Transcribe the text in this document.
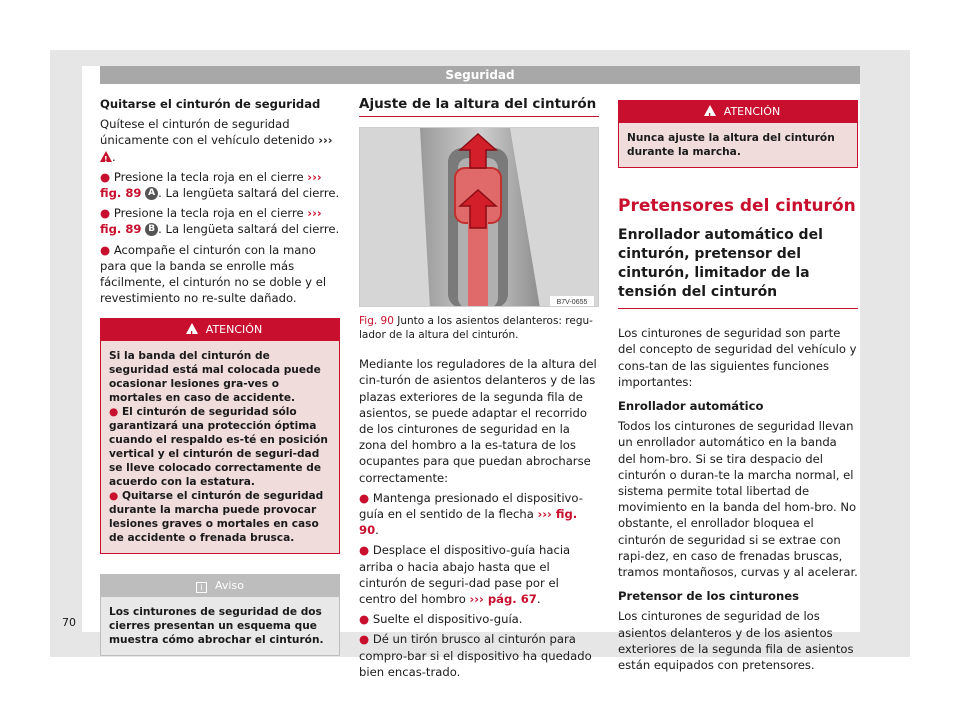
Seguridad

Quitarse el cinturón de seguridad

Quítese el cinturón de seguridad únicamente con el vehículo detenido ››› !.

● Presione la tecla roja en el cierre ››› fig. 89 A . La lengüeta saltará del cierre.

● Presione la tecla roja en el cierre ››› fig. 89 B . La lengüeta saltará del cierre.

● Acompañe el cinturón con la mano para que la banda se enrolle más fácilmente, el cinturón no se doble y el revestimiento no re-sulte dañado.

!ATENCIÓN

Si la banda del cinturón de seguridad está mal colocada puede ocasionar lesiones gra-ves o mortales en caso de accidente.

● El cinturón de seguridad sólo garantizará una protección óptima cuando el respaldo es-té en posición vertical y el cinturón de seguri-dad se lleve colocado correctamente de acuerdo con la estatura.

● Quitarse el cinturón de seguridad durante la marcha puede provocar lesiones graves o mortales en caso de accidente o frenada brusca.

i Aviso
Los cinturones de seguridad de dos cierres presentan un esquema que muestra cómo abrochar el cinturón.
Ajuste de la altura del cinturón
B7V-0655

Fig. 90 Junto a los asientos delanteros: regu-lador de la altura del cinturón.

Mediante los reguladores de la altura del cin-turón de asientos delanteros y de las plazas exteriores de la segunda fila de asientos, se puede adaptar el recorrido de los cinturones de seguridad en la zona del hombro a la es-tatura de los ocupantes para que puedan abrocharse correctamente:

● Mantenga presionado el dispositivo-guía en el sentido de la flecha ››› fig. 90.

● Desplace el dispositivo-guía hacia arriba o hacia abajo hasta que el cinturón de seguri-dad pase por el centro del hombro ››› pág. 67.

● Suelte el dispositivo-guía.

● Dé un tirón brusco al cinturón para compro-bar si el dispositivo ha quedado bien encas-trado.

!ATENCIÓN
Nunca ajuste la altura del cinturón durante la marcha.
Pretensores del cinturón
Enrollador automático del cinturón, pretensor del cinturón, limitador de la tensión del cinturón

Los cinturones de seguridad son parte del concepto de seguridad del vehículo y cons-tan de las siguientes funciones importantes:

Enrollador automático

Todos los cinturones de seguridad llevan un enrollador automático en la banda del hom-bro. Si se tira despacio del cinturón o duran-te la marcha normal, el sistema permite total libertad de movimiento en la banda del hom-bro. No obstante, el enrollador bloquea el cinturón de seguridad si se extrae con rapi-dez, en caso de frenadas bruscas, tramos montañosos, curvas y al acelerar.

Pretensor de los cinturones

Los cinturones de seguridad de los asientos delanteros y de los asientos exteriores de la segunda fila de asientos están equipados con pretensores.

70
